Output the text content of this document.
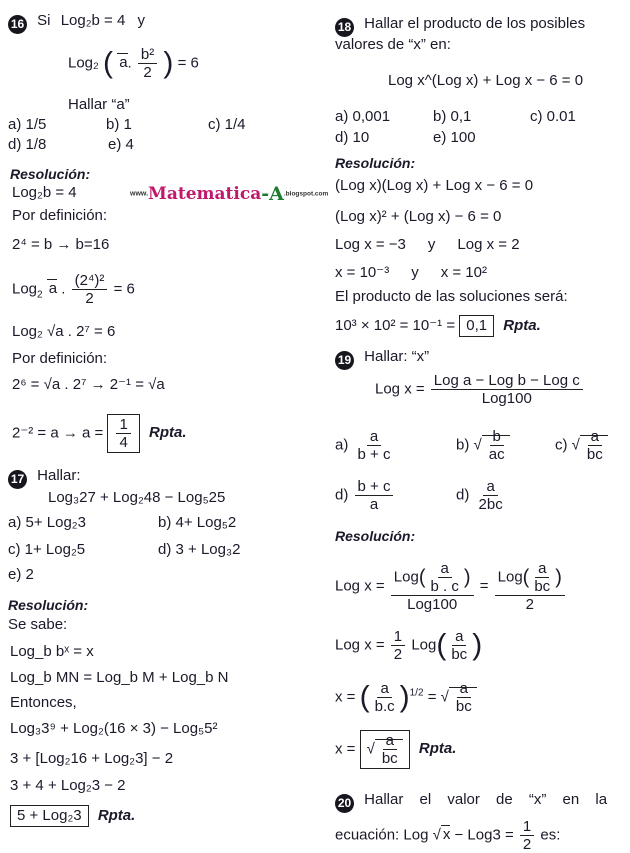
16 Si Log₂b = 4 y
Log₂ ( a. $\frac{\text{b²}}{2}$ ) = 6
Hallar “a”
a) 1/5	b) 1	c) 1/4
d) 1/8	e) 4
Resolución:
Log₂b = 4
Por definición:
2⁴ = b → b=16
Log$_2$ a . $\frac{\text{(2⁴)²}}{2} = 6$
Log₂ √a . 2⁷ = 6
Por definición:
2⁶ = √a . 2⁷ → 2⁻¹ = √a
$2^{-2} = a \to a = \frac{1}{4}$ Rpta.
www.Matematica-A.blogspot.com
17 Hallar:
Log₃27 + Log₂48 − Log₅25
a) 5+ Log₂3	b) 4+ Log₅2
c) 1+ Log₂5	d) 3 + Log₃2
e) 2
Resolución:
Se sabe:
Log_b bˣ = x
Log_b MN = Log_b M + Log_b N
Entonces,
Log₃3⁹ + Log₂(16 × 3) − Log₅5²
3 + [Log₂16 + Log₂3] − 2
3 + 4 + Log₂3 − 2
5 + Log₂3 Rpta.
18 Hallar el producto de los posibles
valores de “x” en:
Log x^(Log x) + Log x − 6 = 0
a) 0,001	b) 0,1	c) 0.01
d) 10	e) 100
Resolución:
(Log x)(Log x) + Log x − 6 = 0
(Log x)² + (Log x) − 6 = 0
Log x = −3 y Log x = 2
x = 10⁻³ y x = 10²
El producto de las soluciones será:
10³ × 10² = 10⁻¹ = 0,1 Rpta.
19 Hallar: “x”
Log x = Log a − Log b − Log c
Log100
$a) \frac{a}{b + c}$	b) √ $\frac{b}{ac}$	c) √ $\frac{a}{bc}$
$d) \frac{b + c}{a}$	$d) \frac{a}{2bc}$
Resolución:
Log x =
$Log( \frac{a}{b . c}$ )
Log100
=
$Log( \frac{a}{bc}$ )
2
Log $x = \frac{1}{2} Log( \frac{a}{bc}$ )
x = ( $\frac{a}{b.c} )^{1/2}$ = √ $\frac{a}{bc}$
x = √ $\frac{a}{bc}$ Rpta.
20 Hallar el valor de “x” en la
ecuación: Log √ $x - Log3 = \frac{1}{2}$ es:
